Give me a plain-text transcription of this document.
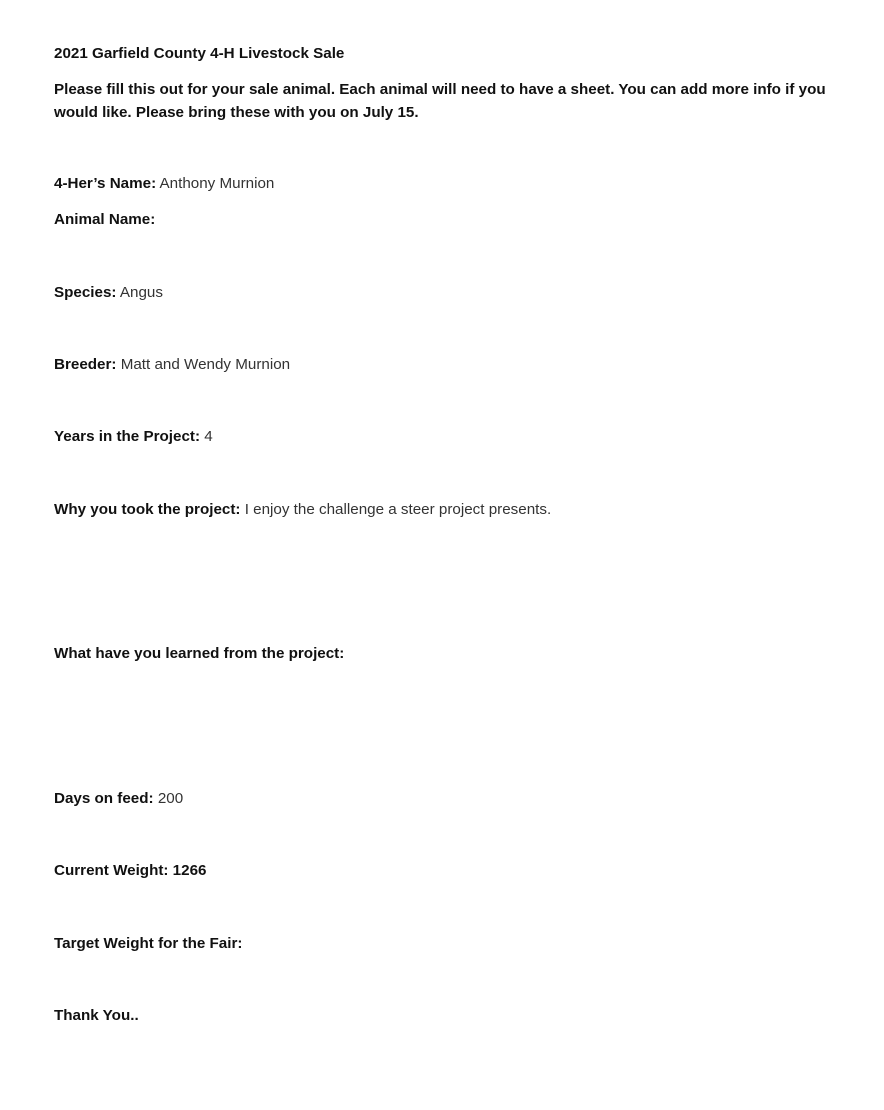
2021 Garfield County 4-H Livestock Sale
Please fill this out for your sale animal. Each animal will need to have a sheet. You can add more info if you would like. Please bring these with you on July 15.
4-Her’s Name: Anthony Murnion
Animal Name:
Species: Angus
Breeder: Matt and Wendy Murnion
Years in the Project: 4
Why you took the project: I enjoy the challenge a steer project presents.
What have you learned from the project:
Days on feed: 200
Current Weight: 1266
Target Weight for the Fair:
Thank You..
